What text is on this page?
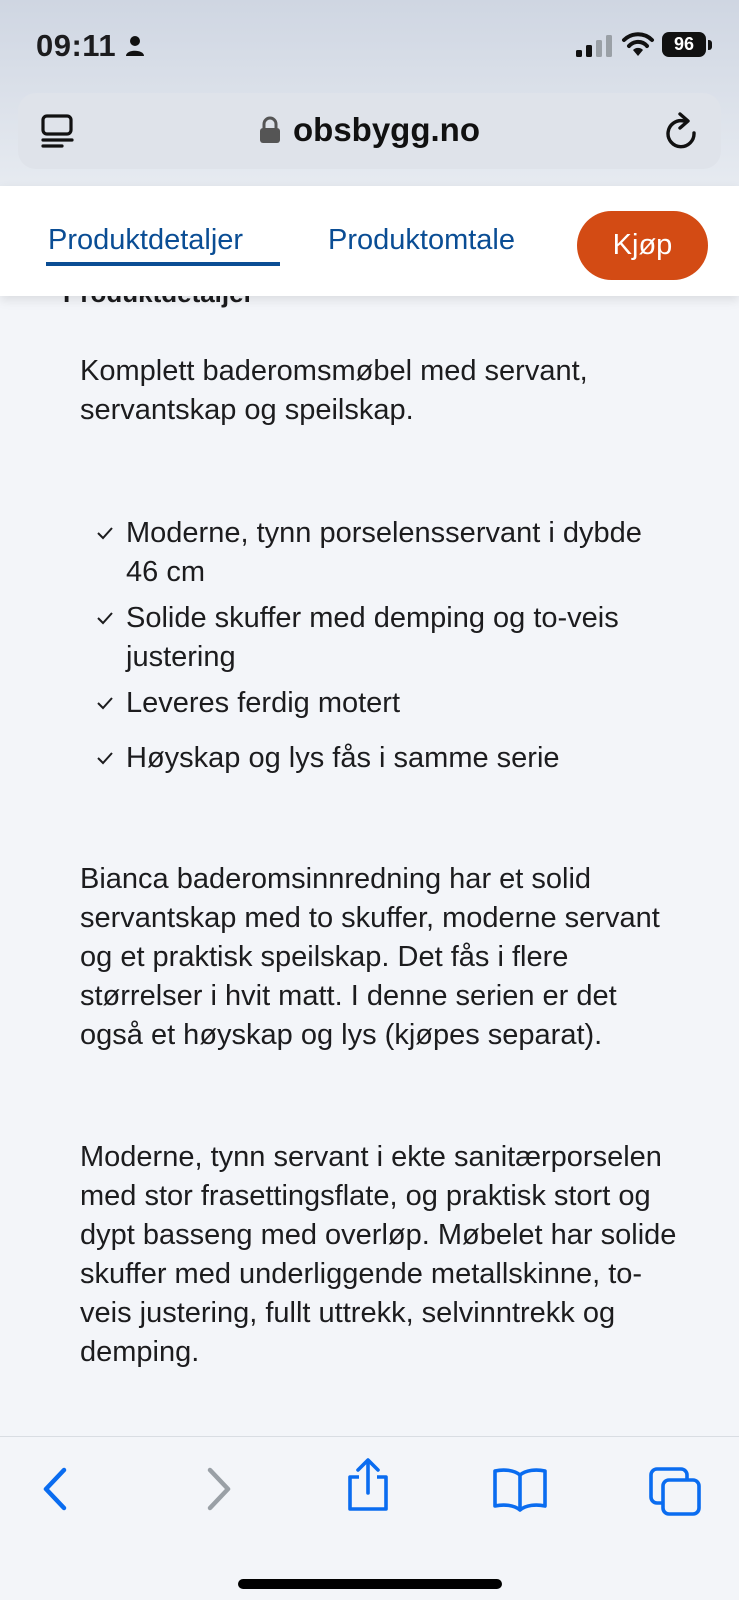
09:11	96
obsbygg.no

Komplett baderomsmøbel med servant, servantskap og speilskap.

Moderne, tynn porselensservant i dybde 46 cm
Solide skuffer med demping og to-veis justering
Leveres ferdig motert
Høyskap og lys fås i samme serie

Bianca baderomsinnredning har et solid servantskap med to skuffer, moderne servant og et praktisk speilskap. Det fås i flere størrelser i hvit matt. I denne serien er det også et høyskap og lys (kjøpes separat).

Moderne, tynn servant i ekte sanitærporselen med stor frasettingsflate, og praktisk stort og dypt basseng med overløp. Møbelet har solide skuffer med underliggende metallskinne, to-veis justering, fullt uttrekk, selvinntrekk og demping.

Produktdetaljer	Produktomtale	Kjøp
